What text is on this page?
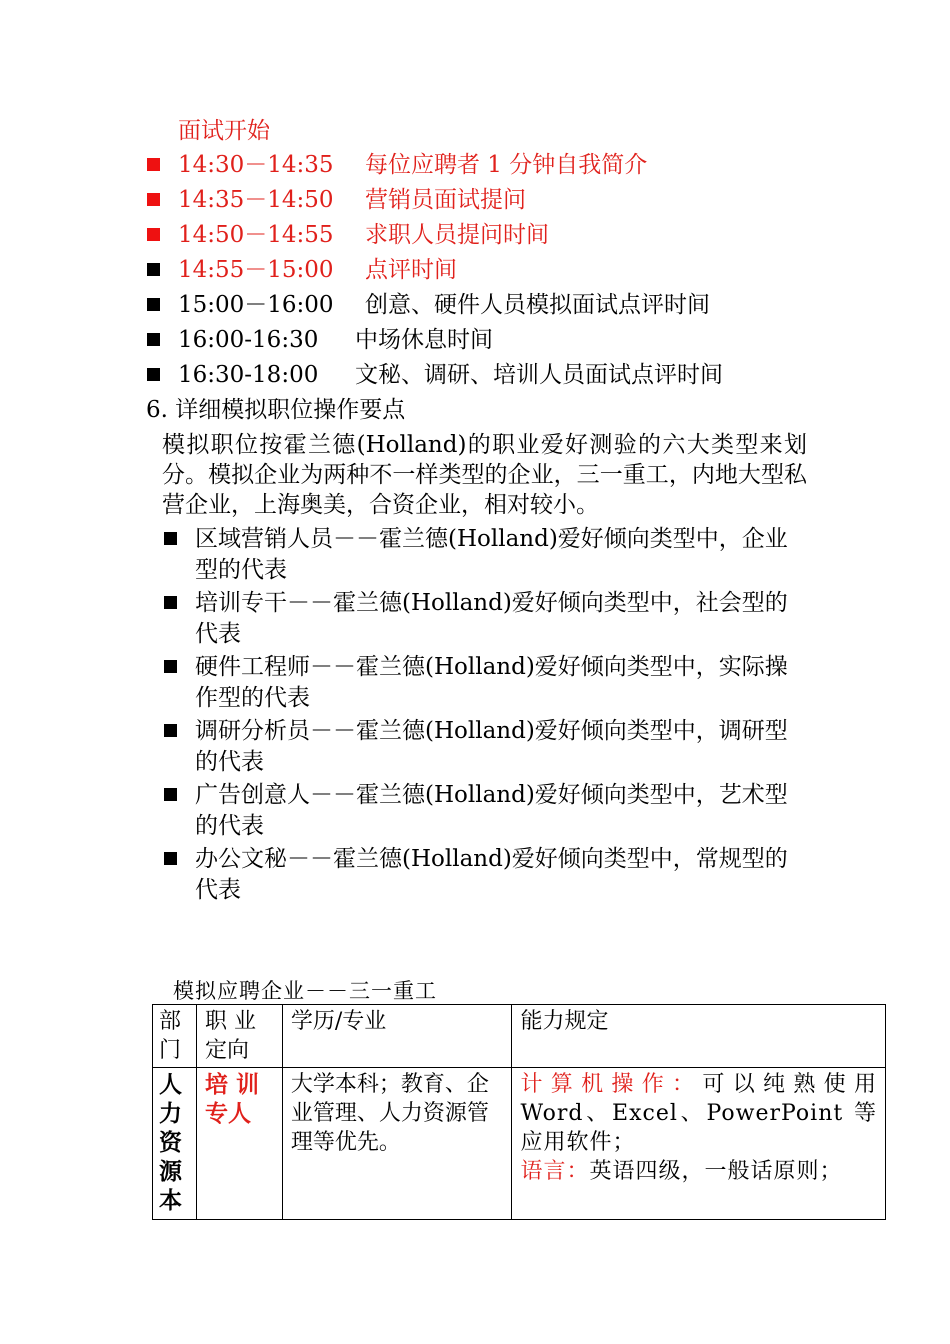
面试开始
14:30－14:35 每位应聘者 1 分钟自我简介
14:35－14:50 营销员面试提问
14:50－14:55 求职人员提问时间
14:55－15:00 点评时间
15:00－16:00 创意、硬件人员模拟面试点评时间
16:00-16:30 中场休息时间
16:30-18:00 文秘、调研、培训人员面试点评时间
6. 详细模拟职位操作要点
模拟职位按霍兰德(Holland)的职业爱好测验的六大类型来划分。模拟企业为两种不一样类型的企业，三一重工，内地大型私营企业，上海奥美，合资企业，相对较小。
区域营销人员－－霍兰德(Holland)爱好倾向类型中，企业型的代表
培训专干－－霍兰德(Holland)爱好倾向类型中，社会型的代表
硬件工程师－－霍兰德(Holland)爱好倾向类型中，实际操作型的代表
调研分析员－－霍兰德(Holland)爱好倾向类型中，调研型的代表
广告创意人－－霍兰德(Holland)爱好倾向类型中，艺术型的代表
办公文秘－－霍兰德(Holland)爱好倾向类型中，常规型的代表
模拟应聘企业－－三一重工
部门	职 业定向	学历/专业	能力规定
人力资源本	培 训专人	大学本科；教育、企业管理、人力资源管理等优先。	计算机操作：可以纯熟使用 Word、Excel、PowerPoint 等应用软件；
语言：英语四级，一般话原则；
